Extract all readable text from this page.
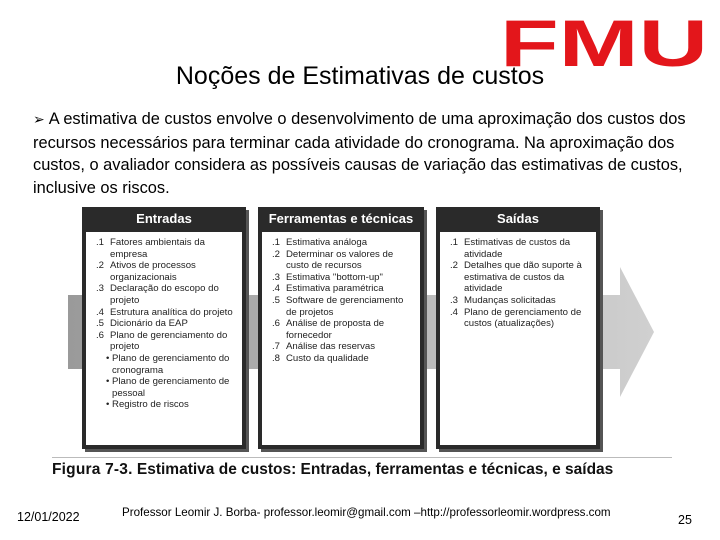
FMU
Noções de Estimativas de custos
➢ A estimativa de custos envolve o desenvolvimento de uma aproximação dos custos dos recursos necessários para terminar cada atividade do cronograma. Na aproximação dos custos, o avaliador considera as possíveis causas de variação das estimativas de custos, inclusive os riscos.
Entradas
.1 Fatores ambientais da empresa
.2 Ativos de processos organizacionais
.3 Declaração do escopo do projeto
.4 Estrutura analítica do projeto
.5 Dicionário da EAP
.6 Plano de gerenciamento do projeto
• Plano de gerenciamento do cronograma
• Plano de gerenciamento de pessoal
• Registro de riscos
Ferramentas e técnicas
.1 Estimativa análoga
.2 Determinar os valores de custo de recursos
.3 Estimativa "bottom-up"
.4 Estimativa paramétrica
.5 Software de gerenciamento de projetos
.6 Análise de proposta de fornecedor
.7 Análise das reservas
.8 Custo da qualidade
Saídas
.1 Estimativas de custos da atividade
.2 Detalhes que dão suporte à estimativa de custos da atividade
.3 Mudanças solicitadas
.4 Plano de gerenciamento de custos (atualizações)
Figura 7-3. Estimativa de custos: Entradas, ferramentas e técnicas, e saídas
12/01/2022	Professor Leomir J. Borba- professor.leomir@gmail.com –http://professorleomir.wordpress.com
25
